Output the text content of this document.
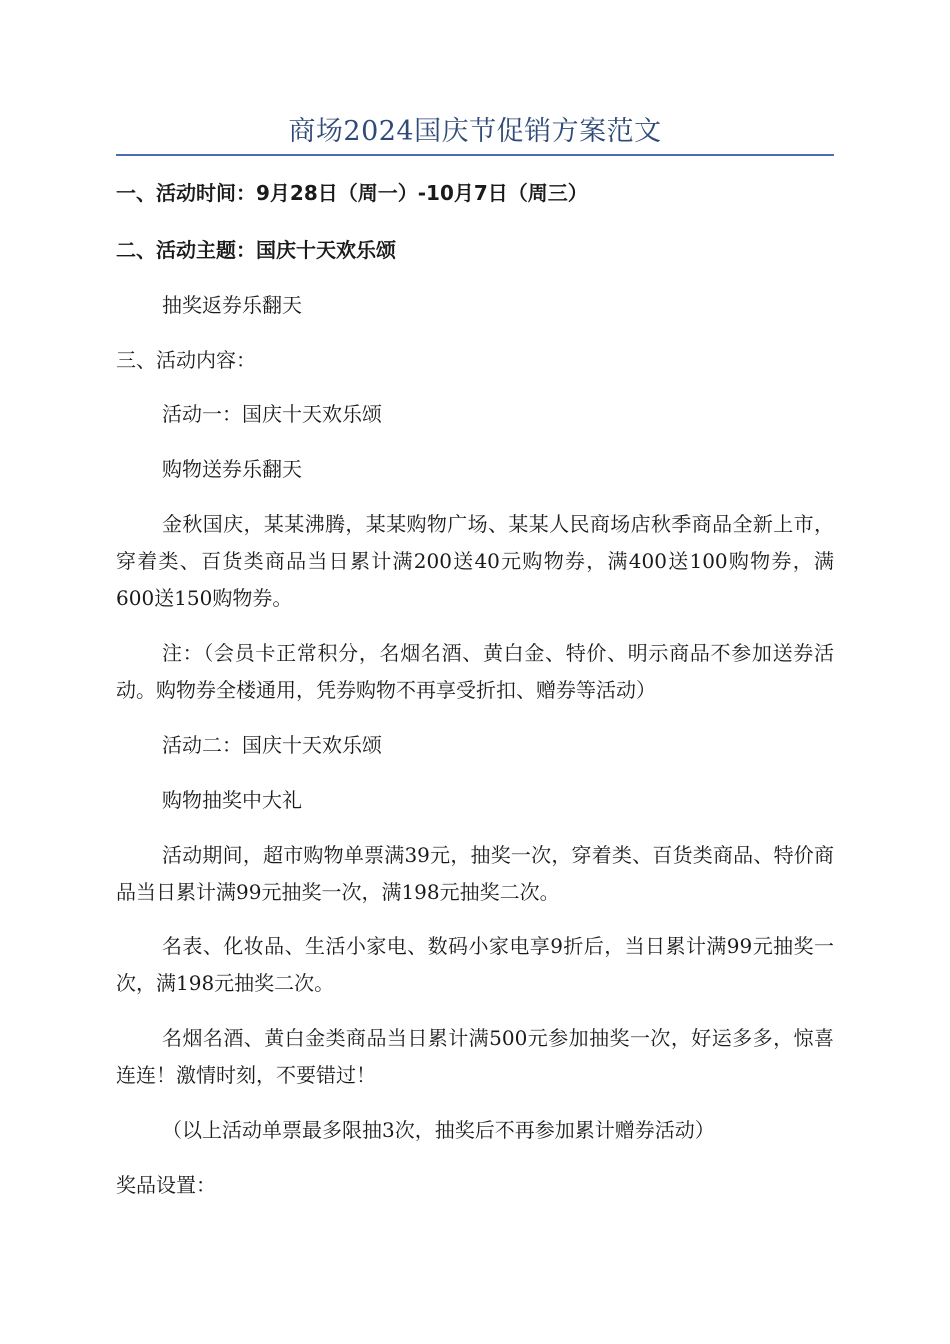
商场2024国庆节促销方案范文
一、活动时间：9月28日（周一）-10月7日（周三）
二、活动主题：国庆十天欢乐颂
抽奖返券乐翻天
三、活动内容：
活动一：国庆十天欢乐颂
购物送券乐翻天
金秋国庆，某某沸腾，某某购物广场、某某人民商场店秋季商品全新上市，穿着类、百货类商品当日累计满200送40元购物券，满400送100购物券，满600送150购物券。
注：（会员卡正常积分，名烟名酒、黄白金、特价、明示商品不参加送券活动。购物券全楼通用，凭券购物不再享受折扣、赠券等活动）
活动二：国庆十天欢乐颂
购物抽奖中大礼
活动期间，超市购物单票满39元，抽奖一次，穿着类、百货类商品、特价商品当日累计满99元抽奖一次，满198元抽奖二次。
名表、化妆品、生活小家电、数码小家电享9折后，当日累计满99元抽奖一次，满198元抽奖二次。
名烟名酒、黄白金类商品当日累计满500元参加抽奖一次，好运多多，惊喜连连！激情时刻，不要错过！
（以上活动单票最多限抽3次，抽奖后不再参加累计赠券活动）
奖品设置：
